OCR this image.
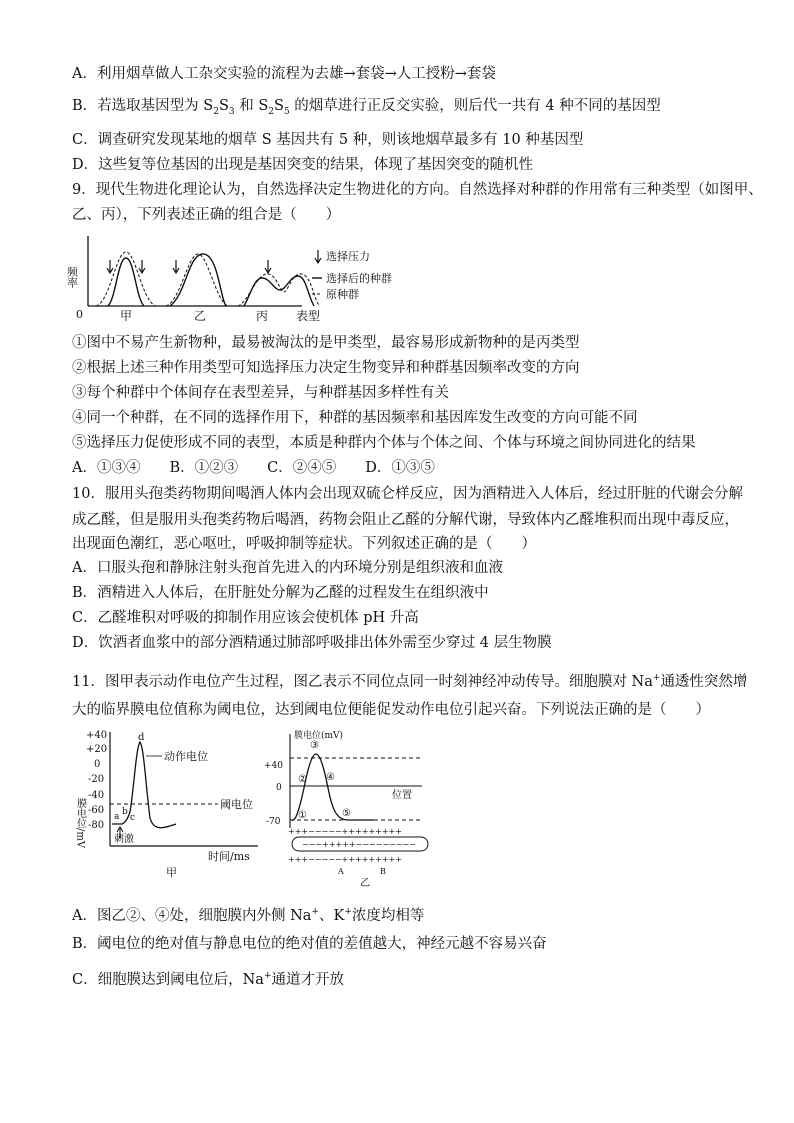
A．利用烟草做人工杂交实验的流程为去雄→套袋→人工授粉→套袋
B．若选取基因型为 $S_2S_3$ 和 $S_2S_5$ 的烟草进行正反交实验，则后代一共有 4 种不同的基因型
C．调查研究发现某地的烟草 S 基因共有 5 种，则该地烟草最多有 10 种基因型
D．这些复等位基因的出现是基因突变的结果，体现了基因突变的随机性
9．现代生物进化理论认为，自然选择决定生物进化的方向。自然选择对种群的作用常有三种类型（如图甲、
乙、丙），下列表述正确的组合是（　　）
频率
0	甲	乙	丙 表型
选择压力
选择后的种群
原种群
①图中不易产生新物种，最易被淘汰的是甲类型，最容易形成新物种的是丙类型
②根据上述三种作用类型可知选择压力决定生物变异和种群基因频率改变的方向
③每个种群中个体间存在表型差异，与种群基因多样性有关
④同一个种群，在不同的选择作用下，种群的基因频率和基因库发生改变的方向可能不同
⑤选择压力促使形成不同的表型，本质是种群内个体与个体之间、个体与环境之间协同进化的结果
A．①③④　　B．①②③　　C．②④⑤　　D．①③⑤
10．服用头孢类药物期间喝酒人体内会出现双硫仑样反应，因为酒精进入人体后，经过肝脏的代谢会分解
成乙醛，但是服用头孢类药物后喝酒，药物会阻止乙醛的分解代谢，导致体内乙醛堆积而出现中毒反应，
出现面色潮红，恶心呕吐，呼吸抑制等症状。下列叙述正确的是（　　）
A．口服头孢和静脉注射头孢首先进入的内环境分别是组织液和血液
B．酒精进入人体后，在肝脏处分解为乙醛的过程发生在组织液中
C．乙醛堆积对呼吸的抑制作用应该会使机体 pH 升高
D．饮酒者血浆中的部分酒精通过肺部呼吸排出体外需至少穿过 4 层生物膜
11．图甲表示动作电位产生过程，图乙表示不同位点同一时刻神经冲动传导。细胞膜对 Na+通透性突然增
大的临界膜电位值称为阈电位，达到阈电位便能促发动作电位引起兴奋。下列说法正确的是（　　）
膜电位/mV
+40
+20
0
-20
-40
-60
-80
a b
c
d
动作电位
阈电位
刺激
时间/ms
甲
膜电位(mV)
+40
0
-70
位置
③
② ④
①	⑤
+++−−−−−+++++++++
−−−+++++−−−−−−−−−
+++−−−−−+++++++++
A	B
乙
A．图乙②、④处，细胞膜内外侧 Na+、K+浓度均相等
B．阈电位的绝对值与静息电位的绝对值的差值越大，神经元越不容易兴奋
C．细胞膜达到阈电位后，Na+通道才开放
